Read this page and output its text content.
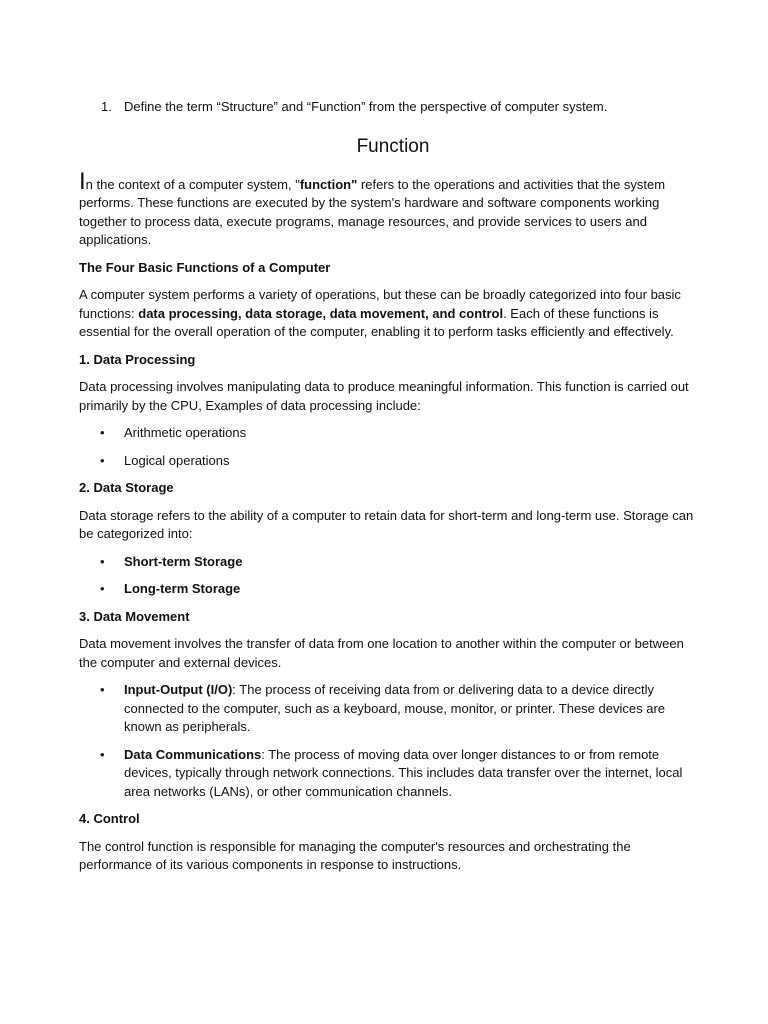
1. Define the term “Structure” and “Function” from the perspective of computer system.
Function

In the context of a computer system, "function" refers to the operations and activities that the system performs. These functions are executed by the system's hardware and software components working together to process data, execute programs, manage resources, and provide services to users and applications.

The Four Basic Functions of a Computer

A computer system performs a variety of operations, but these can be broadly categorized into four basic functions: data processing, data storage, data movement, and control. Each of these functions is essential for the overall operation of the computer, enabling it to perform tasks efficiently and effectively.

1. Data Processing

Data processing involves manipulating data to produce meaningful information. This function is carried out primarily by the CPU, Examples of data processing include:

•	Arithmetic operations
•	Logical operations
2. Data Storage

Data storage refers to the ability of a computer to retain data for short-term and long-term use. Storage can be categorized into:

•	Short-term Storage
•	Long-term Storage
3. Data Movement

Data movement involves the transfer of data from one location to another within the computer or between the computer and external devices.

•	Input-Output (I/O): The process of receiving data from or delivering data to a device directly connected to the computer, such as a keyboard, mouse, monitor, or printer. These devices are known as peripherals.
•	Data Communications: The process of moving data over longer distances to or from remote devices, typically through network connections. This includes data transfer over the internet, local area networks (LANs), or other communication channels.
4. Control

The control function is responsible for managing the computer's resources and orchestrating the performance of its various components in response to instructions.
